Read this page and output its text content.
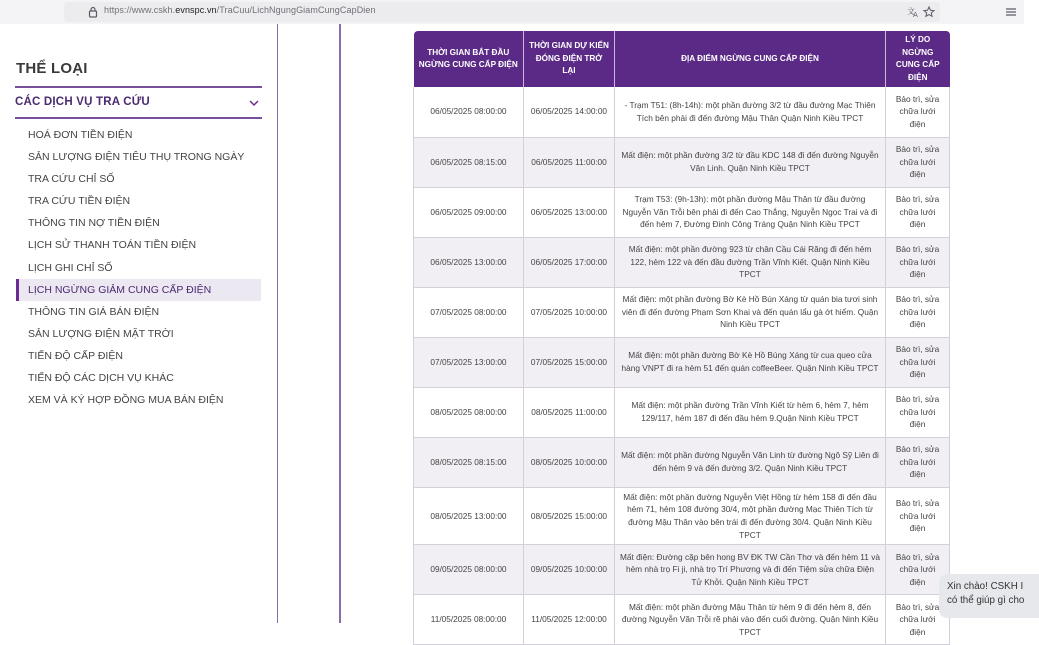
https://www.cskh.evnspc.vn/TraCuu/LichNgungGiamCungCapDien	文
A
THỂ LOẠI
CÁC DỊCH VỤ TRA CỨU
HOÁ ĐƠN TIỀN ĐIỆN
SẢN LƯỢNG ĐIỆN TIÊU THỤ TRONG NGÀY
TRA CỨU CHỈ SỐ
TRA CỨU TIỀN ĐIỆN
THÔNG TIN NỢ TIỀN ĐIỆN
LỊCH SỬ THANH TOÁN TIỀN ĐIỆN
LỊCH GHI CHỈ SỐ
LỊCH NGỪNG GIẢM CUNG CẤP ĐIỆN
THÔNG TIN GIÁ BÁN ĐIỆN
SẢN LƯỢNG ĐIỆN MẶT TRỜI
TIẾN ĐỘ CẤP ĐIỆN
TIẾN ĐỘ CÁC DỊCH VỤ KHÁC
XEM VÀ KÝ HỢP ĐỒNG MUA BÁN ĐIỆN
THỜI GIAN BẮT ĐẦU NGỪNG CUNG CẤP ĐIỆN	THỜI GIAN DỰ KIẾN ĐÓNG ĐIỆN TRỞ LẠI	ĐỊA ĐIỂM NGỪNG CUNG CẤP ĐIỆN	LÝ DO NGỪNG CUNG CẤP ĐIỆN
06/05/2025 08:00:00	06/05/2025 14:00:00	- Trạm T51: (8h-14h): một phần đường 3/2 từ đầu đường Mạc Thiên Tích bên phải đi đến đường Mậu Thân Quận Ninh Kiều TPCT	Bảo trì, sửa chữa lưới điện
06/05/2025 08:15:00	06/05/2025 11:00:00	Mất điện: một phần đường 3/2 từ đầu KDC 148 đi đến đường Nguyễn Văn Linh. Quận Ninh Kiều TPCT	Bảo trì, sửa chữa lưới điện
06/05/2025 09:00:00	06/05/2025 13:00:00	Trạm T53: (9h-13h): một phần đường Mậu Thân từ đầu đường Nguyễn Văn Trỗi bên phải đi đến Cao Thắng, Nguyễn Ngọc Trai và đi đến hẻm 7, Đường Đinh Công Tráng Quận Ninh Kiều TPCT	Bảo trì, sửa chữa lưới điện
06/05/2025 13:00:00	06/05/2025 17:00:00	Mất điện: một phần đường 923 từ chân Cầu Cái Răng đi đến hẻm 122, hẻm 122 và đến đầu đường Trần Vĩnh Kiết. Quận Ninh Kiều TPCT	Bảo trì, sửa chữa lưới điện
07/05/2025 08:00:00	07/05/2025 10:00:00	Mất điện: một phần đường Bờ Kè Hồ Bún Xáng từ quán bia tươi sinh viên đi đến đường Phạm Sơn Khai và đến quán lẩu gà ớt hiểm. Quận Ninh Kiều TPCT	Bảo trì, sửa chữa lưới điện
07/05/2025 13:00:00	07/05/2025 15:00:00	Mất điện: một phần đường Bờ Kè Hồ Búng Xáng từ cua queo cửa hàng VNPT đi ra hẻm 51 đến quán coffeeBeer. Quận Ninh Kiều TPCT	Bảo trì, sửa chữa lưới điện
08/05/2025 08:00:00	08/05/2025 11:00:00	Mất điện: một phần đường Trần Vĩnh Kiết từ hẻm 6, hẻm 7, hẻm 129/117, hẻm 187 đi đến đầu hẻm 9.Quận Ninh Kiều TPCT	Bảo trì, sửa chữa lưới điện
08/05/2025 08:15:00	08/05/2025 10:00:00	Mất điện: một phần đường Nguyễn Văn Linh từ đường Ngô Sỹ Liên đi đến hẻm 9 và đến đường 3/2. Quận Ninh Kiều TPCT	Bảo trì, sửa chữa lưới điện
08/05/2025 13:00:00	08/05/2025 15:00:00	Mất điện: một phần đường Nguyễn Việt Hồng từ hẻm 158 đi đến đầu hẻm 71, hẻm 108 đường 30/4, một phần đường Mạc Thiên Tích từ đường Mậu Thân vào bên trái đi đến đường 30/4. Quận Ninh Kiều TPCT	Bảo trì, sửa chữa lưới điện
09/05/2025 08:00:00	09/05/2025 10:00:00	Mất điện: Đường cặp bên hong BV ĐK TW Cần Thơ và đến hẻm 11 và hẻm nhà trọ Fi ji, nhà trọ Trí Phương và đi đến Tiệm sửa chữa Điện Tử Khởi. Quận Ninh Kiều TPCT	Bảo trì, sửa chữa lưới điện
11/05/2025 08:00:00	11/05/2025 12:00:00	Mất điện: một phần đường Mậu Thân từ hẻm 9 đi đến hẻm 8, đến đường Nguyễn Văn Trỗi rẽ phải vào đến cuối đường. Quận Ninh Kiều TPCT	Bảo trì, sửa chữa lưới điện
Xin chào! CSKH I
có thể giúp gì cho
